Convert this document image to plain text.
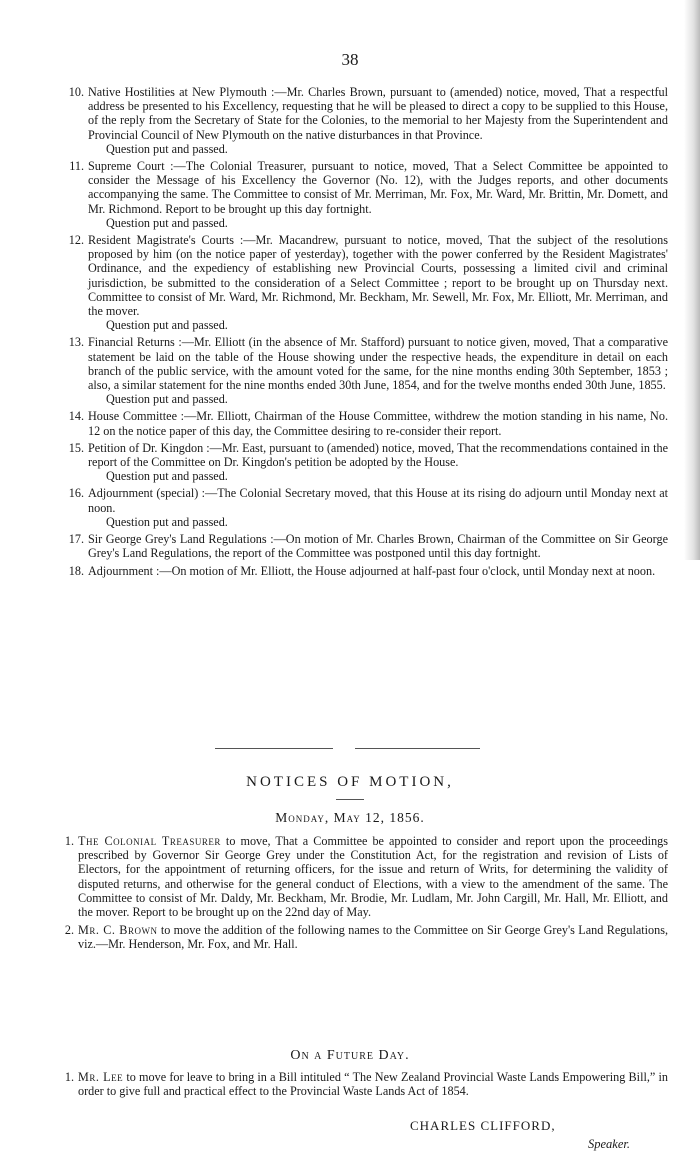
38
10. Native Hostilities at New Plymouth :—Mr. Charles Brown, pursuant to (amended) notice, moved, That a respectful address be presented to his Excellency, requesting that he will be pleased to direct a copy to be supplied to this House, of the reply from the Secretary of State for the Colonies, to the memorial to her Majesty from the Superintendent and Provincial Council of New Plymouth on the native disturbances in that Province.
Question put and passed.
11. Supreme Court :—The Colonial Treasurer, pursuant to notice, moved, That a Select Committee be appointed to consider the Message of his Excellency the Governor (No. 12), with the Judges reports, and other documents accompanying the same. The Committee to consist of Mr. Merriman, Mr. Fox, Mr. Ward, Mr. Brittin, Mr. Domett, and Mr. Richmond. Report to be brought up this day fortnight.
Question put and passed.
12. Resident Magistrate's Courts :—Mr. Macandrew, pursuant to notice, moved, That the subject of the resolutions proposed by him (on the notice paper of yesterday), together with the power conferred by the Resident Magistrates' Ordinance, and the expediency of establishing new Provincial Courts, possessing a limited civil and criminal jurisdiction, be submitted to the consideration of a Select Committee ; report to be brought up on Thursday next. Committee to consist of Mr. Ward, Mr. Richmond, Mr. Beckham, Mr. Sewell, Mr. Fox, Mr. Elliott, Mr. Merriman, and the mover.
Question put and passed.
13. Financial Returns :—Mr. Elliott (in the absence of Mr. Stafford) pursuant to notice given, moved, That a comparative statement be laid on the table of the House showing under the respective heads, the expenditure in detail on each branch of the public service, with the amount voted for the same, for the nine months ending 30th September, 1853 ; also, a similar statement for the nine months ended 30th June, 1854, and for the twelve months ended 30th June, 1855.
Question put and passed.
14. House Committee :—Mr. Elliott, Chairman of the House Committee, withdrew the motion standing in his name, No. 12 on the notice paper of this day, the Committee desiring to re-consider their report.
15. Petition of Dr. Kingdon :—Mr. East, pursuant to (amended) notice, moved, That the recommendations contained in the report of the Committee on Dr. Kingdon's petition be adopted by the House.
Question put and passed.
16. Adjournment (special) :—The Colonial Secretary moved, that this House at its rising do adjourn until Monday next at noon.
Question put and passed.
17. Sir George Grey's Land Regulations :—On motion of Mr. Charles Brown, Chairman of the Committee on Sir George Grey's Land Regulations, the report of the Committee was postponed until this day fortnight.
18. Adjournment :—On motion of Mr. Elliott, the House adjourned at half-past four o'clock, until Monday next at noon.
NOTICES OF MOTION,
Monday, May 12, 1856.
1. The Colonial Treasurer to move, That a Committee be appointed to consider and report upon the proceedings prescribed by Governor Sir George Grey under the Constitution Act, for the registration and revision of Lists of Electors, for the appointment of returning officers, for the issue and return of Writs, for determining the validity of disputed returns, and otherwise for the general conduct of Elections, with a view to the amendment of the same. The Committee to consist of Mr. Daldy, Mr. Beckham, Mr. Brodie, Mr. Ludlam, Mr. John Cargill, Mr. Hall, Mr. Elliott, and the mover. Report to be brought up on the 22nd day of May.
2. Mr. C. Brown to move the addition of the following names to the Committee on Sir George Grey's Land Regulations, viz.—Mr. Henderson, Mr. Fox, and Mr. Hall.
On a Future Day.
1. Mr. Lee to move for leave to bring in a Bill intituled “ The New Zealand Provincial Waste Lands Empowering Bill,” in order to give full and practical effect to the Provincial Waste Lands Act of 1854.
CHARLES CLIFFORD,
Speaker.
